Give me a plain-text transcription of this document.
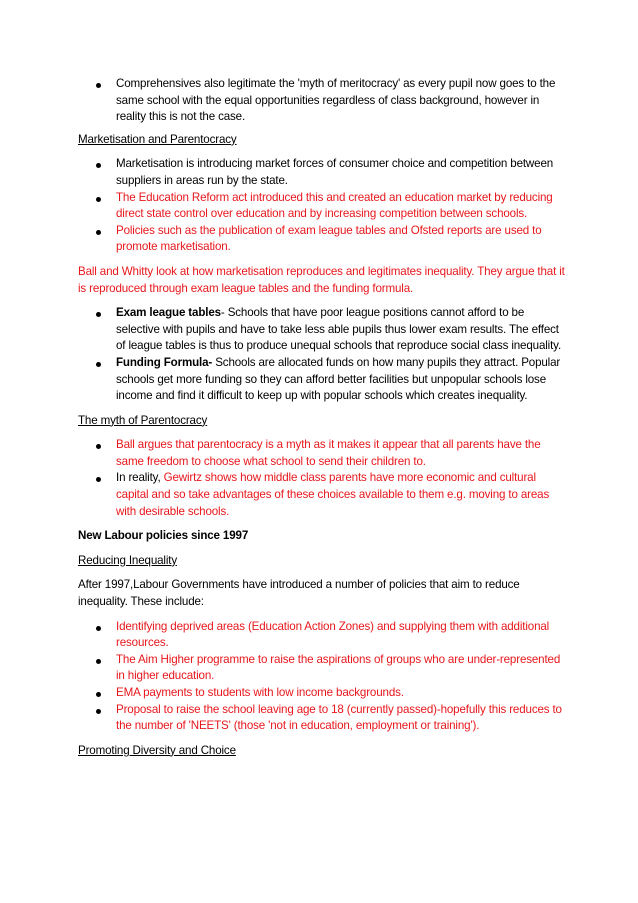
Comprehensives also legitimate the 'myth of meritocracy' as every pupil now goes to the same school with the equal opportunities regardless of class background, however in reality this is not the case.

Marketisation and Parentocracy

Marketisation is introducing market forces of consumer choice and competition between suppliers in areas run by the state.
The Education Reform act introduced this and created an education market by reducing direct state control over education and by increasing competition between schools.
Policies such as the publication of exam league tables and Ofsted reports are used to promote marketisation.

Ball and Whitty look at how marketisation reproduces and legitimates inequality. They argue that it is reproduced through exam league tables and the funding formula.

Exam league tables- Schools that have poor league positions cannot afford to be selective with pupils and have to take less able pupils thus lower exam results. The effect of league tables is thus to produce unequal schools that reproduce social class inequality.
Funding Formula- Schools are allocated funds on how many pupils they attract. Popular schools get more funding so they can afford better facilities but unpopular schools lose income and find it difficult to keep up with popular schools which creates inequality.

The myth of Parentocracy

Ball argues that parentocracy is a myth as it makes it appear that all parents have the same freedom to choose what school to send their children to.
In reality, Gewirtz shows how middle class parents have more economic and cultural capital and so take advantages of these choices available to them e.g. moving to areas with desirable schools.

New Labour policies since 1997

Reducing Inequality

After 1997,Labour Governments have introduced a number of policies that aim to reduce inequality. These include:

Identifying deprived areas (Education Action Zones) and supplying them with additional resources.
The Aim Higher programme to raise the aspirations of groups who are under-represented in higher education.
EMA payments to students with low income backgrounds.
Proposal to raise the school leaving age to 18 (currently passed)-hopefully this reduces to the number of 'NEETS' (those 'not in education, employment or training').

Promoting Diversity and Choice
